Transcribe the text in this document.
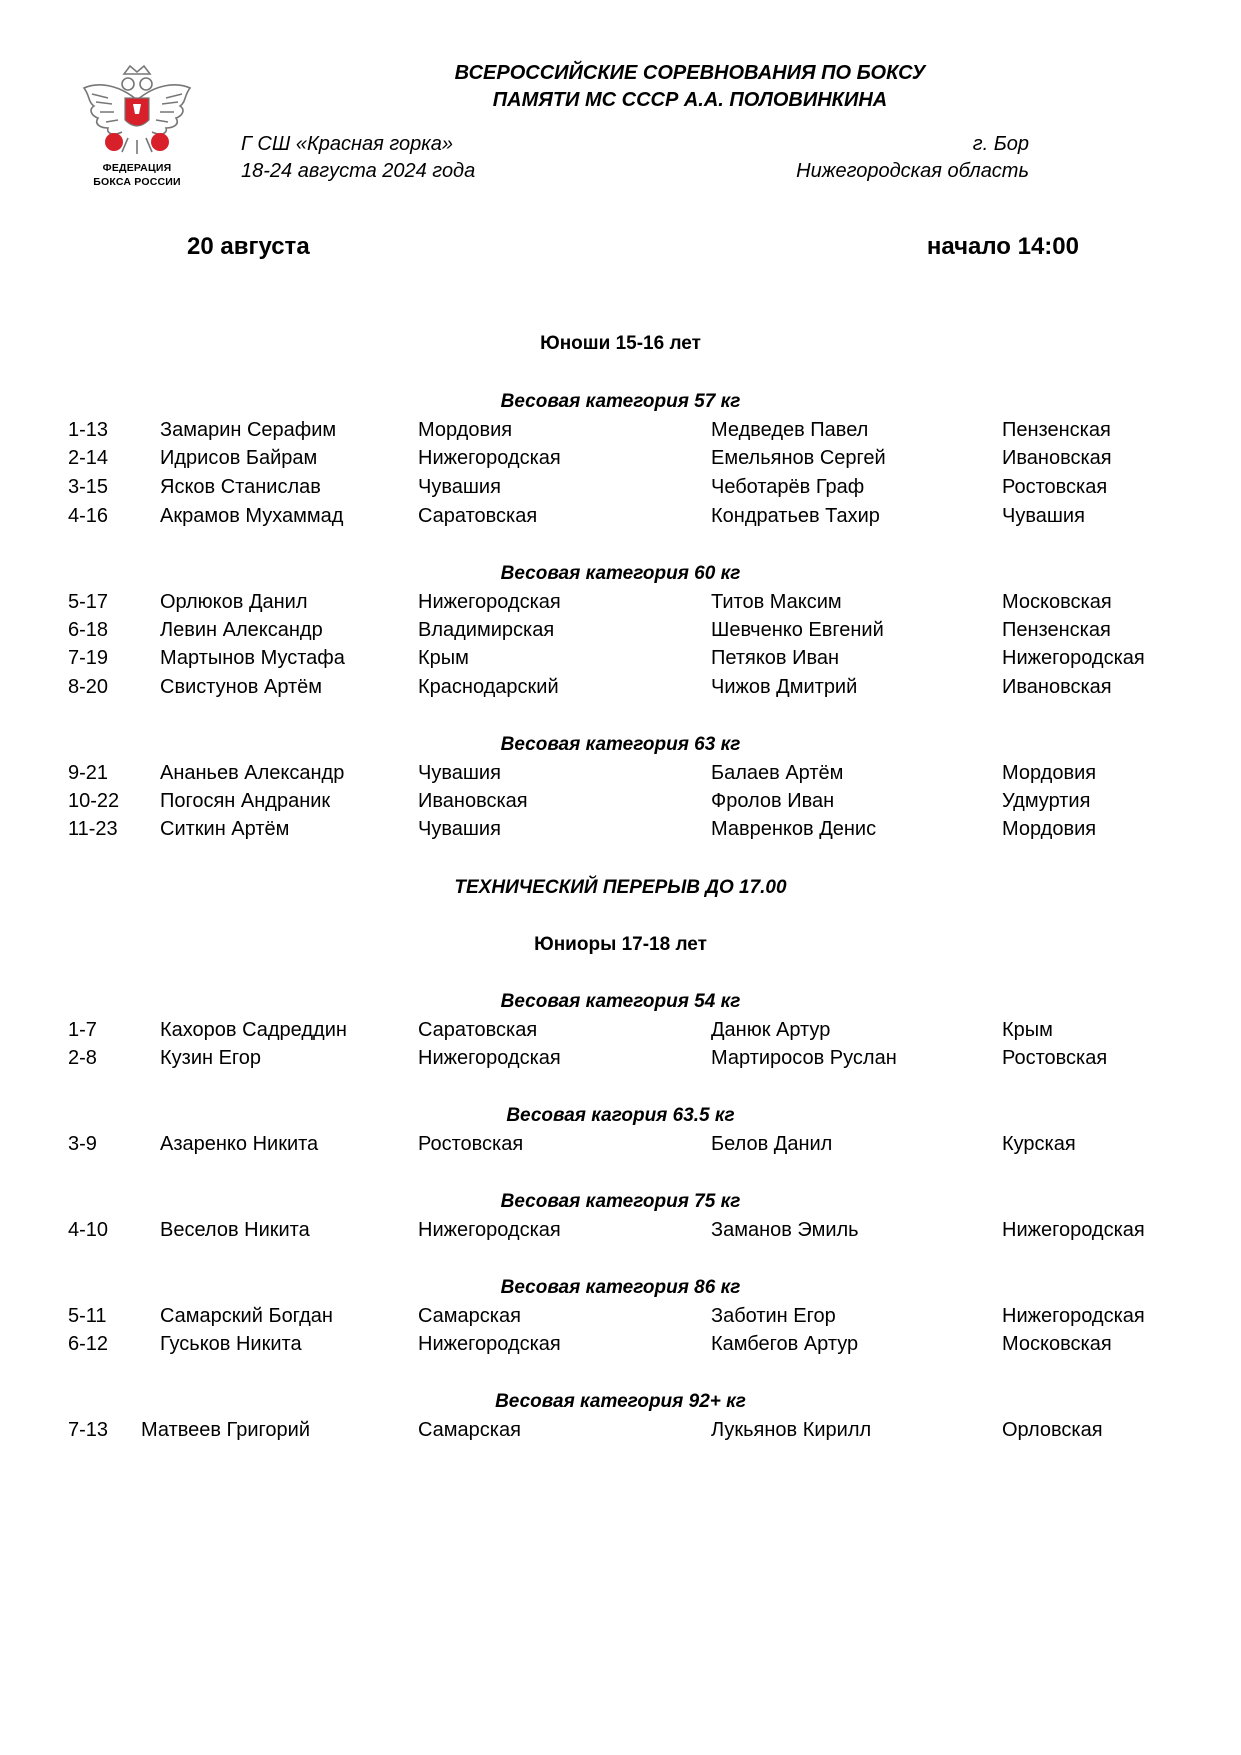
ФЕДЕРАЦИЯ
БОКСА РОССИИ
ВСЕРОССИЙСКИЕ СОРЕВНОВАНИЯ ПО БОКСУ
ПАМЯТИ МС СССР А.А. ПОЛОВИНКИНА
Г СШ «Красная горка»
18-24 августа 2024 года
г. Бор
Нижегородская область
20 августа	начало 14:00
Юноши 15-16 лет
Весовая категория 57 кг
1-13	Замарин Серафим	Мордовия	Медведев Павел	Пензенская
2-14	Идрисов Байрам	Нижегородская	Емельянов Сергей	Ивановская
3-15	Ясков Станислав	Чувашия	Чеботарёв Граф	Ростовская
4-16	Акрамов Мухаммад	Саратовская	Кондратьев Тахир	Чувашия
Весовая категория 60 кг
5-17	Орлюков Данил	Нижегородская	Титов Максим	Московская
6-18	Левин Александр	Владимирская	Шевченко Евгений	Пензенская
7-19	Мартынов Мустафа	Крым	Петяков Иван	Нижегородская
8-20	Свистунов Артём	Краснодарский	Чижов Дмитрий	Ивановская
Весовая категория 63 кг
9-21	Ананьев Александр	Чувашия	Балаев Артём	Мордовия
10-22 Погосян Андраник	Ивановская	Фролов Иван	Удмуртия
11-23 Ситкин Артём	Чувашия	Мавренков Денис	Мордовия
ТЕХНИЧЕСКИЙ ПЕРЕРЫВ ДО 17.00
Юниоры 17-18 лет
Весовая категория 54 кг
1-7	Кахоров Садреддин	Саратовская	Данюк Артур	Крым
2-8	Кузин Егор	Нижегородская	Мартиросов Руслан	Ростовская
Весовая кагория 63.5 кг
3-9	Азаренко Никита	Ростовская	Белов Данил	Курская
Весовая категория 75 кг
4-10	Веселов Никита	Нижегородская	Заманов Эмиль	Нижегородская
Весовая категория 86 кг
5-11	Самарский Богдан	Самарская	Заботин Егор	Нижегородская
6-12	Гуськов Никита	Нижегородская	Камбегов Артур	Московская
Весовая категория 92+ кг
7-13 Матвеев Григорий	Самарская	Лукьянов Кирилл	Орловская
